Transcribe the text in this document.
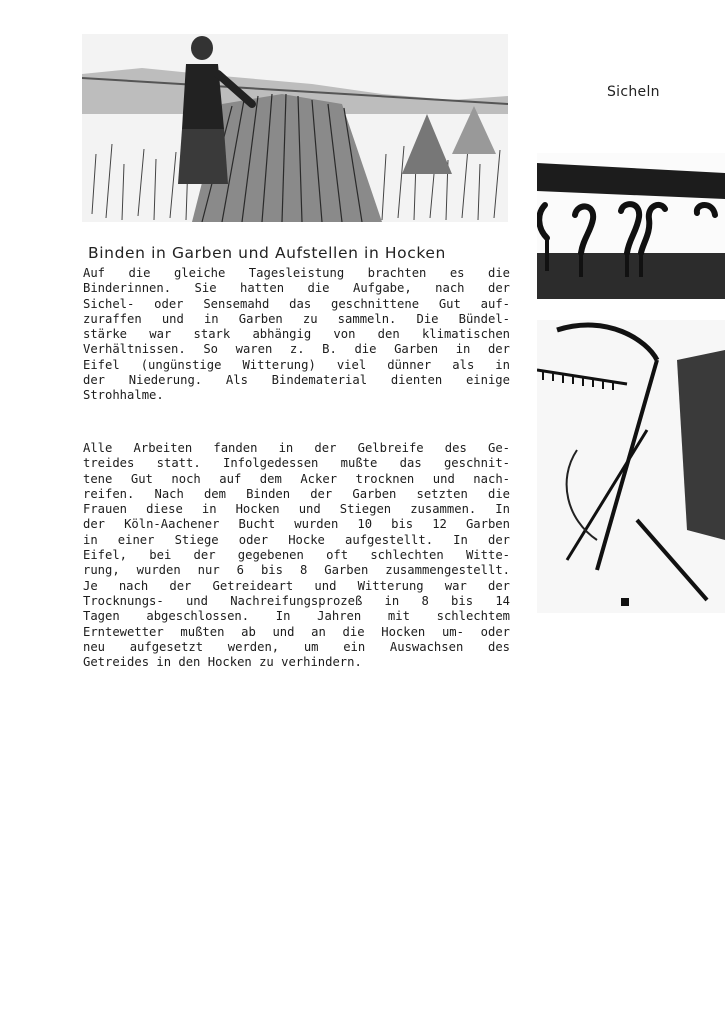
Sicheln
Binden in Garben und Aufstellen in Hocken
Auf die gleiche Tagesleistung brachten es die
Binderinnen. Sie hatten die Aufgabe, nach der
Sichel- oder Sensemahd das geschnittene Gut auf-
zuraffen und in Garben zu sammeln. Die Bündel-
stärke war stark abhängig von den klimatischen
Verhältnissen. So waren z. B. die Garben in der
Eifel (ungünstige Witterung) viel dünner als in
der Niederung. Als Bindematerial dienten einige
Strohhalme.
Alle Arbeiten fanden in der Gelbreife des Ge-
treides statt. Infolgedessen mußte das geschnit-
tene Gut noch auf dem Acker trocknen und nach-
reifen. Nach dem Binden der Garben setzten die
Frauen diese in Hocken und Stiegen zusammen. In
der Köln-Aachener Bucht wurden 10 bis 12 Garben
in einer Stiege oder Hocke aufgestellt. In der
Eifel, bei der gegebenen oft schlechten Witte-
rung, wurden nur 6 bis 8 Garben zusammengestellt.
Je nach der Getreideart und Witterung war der
Trocknungs- und Nachreifungsprozeß in 8 bis 14
Tagen abgeschlossen. In Jahren mit schlechtem
Erntewetter mußten ab und an die Hocken um- oder
neu aufgesetzt werden, um ein Auswachsen des
Getreides in den Hocken zu verhindern.
